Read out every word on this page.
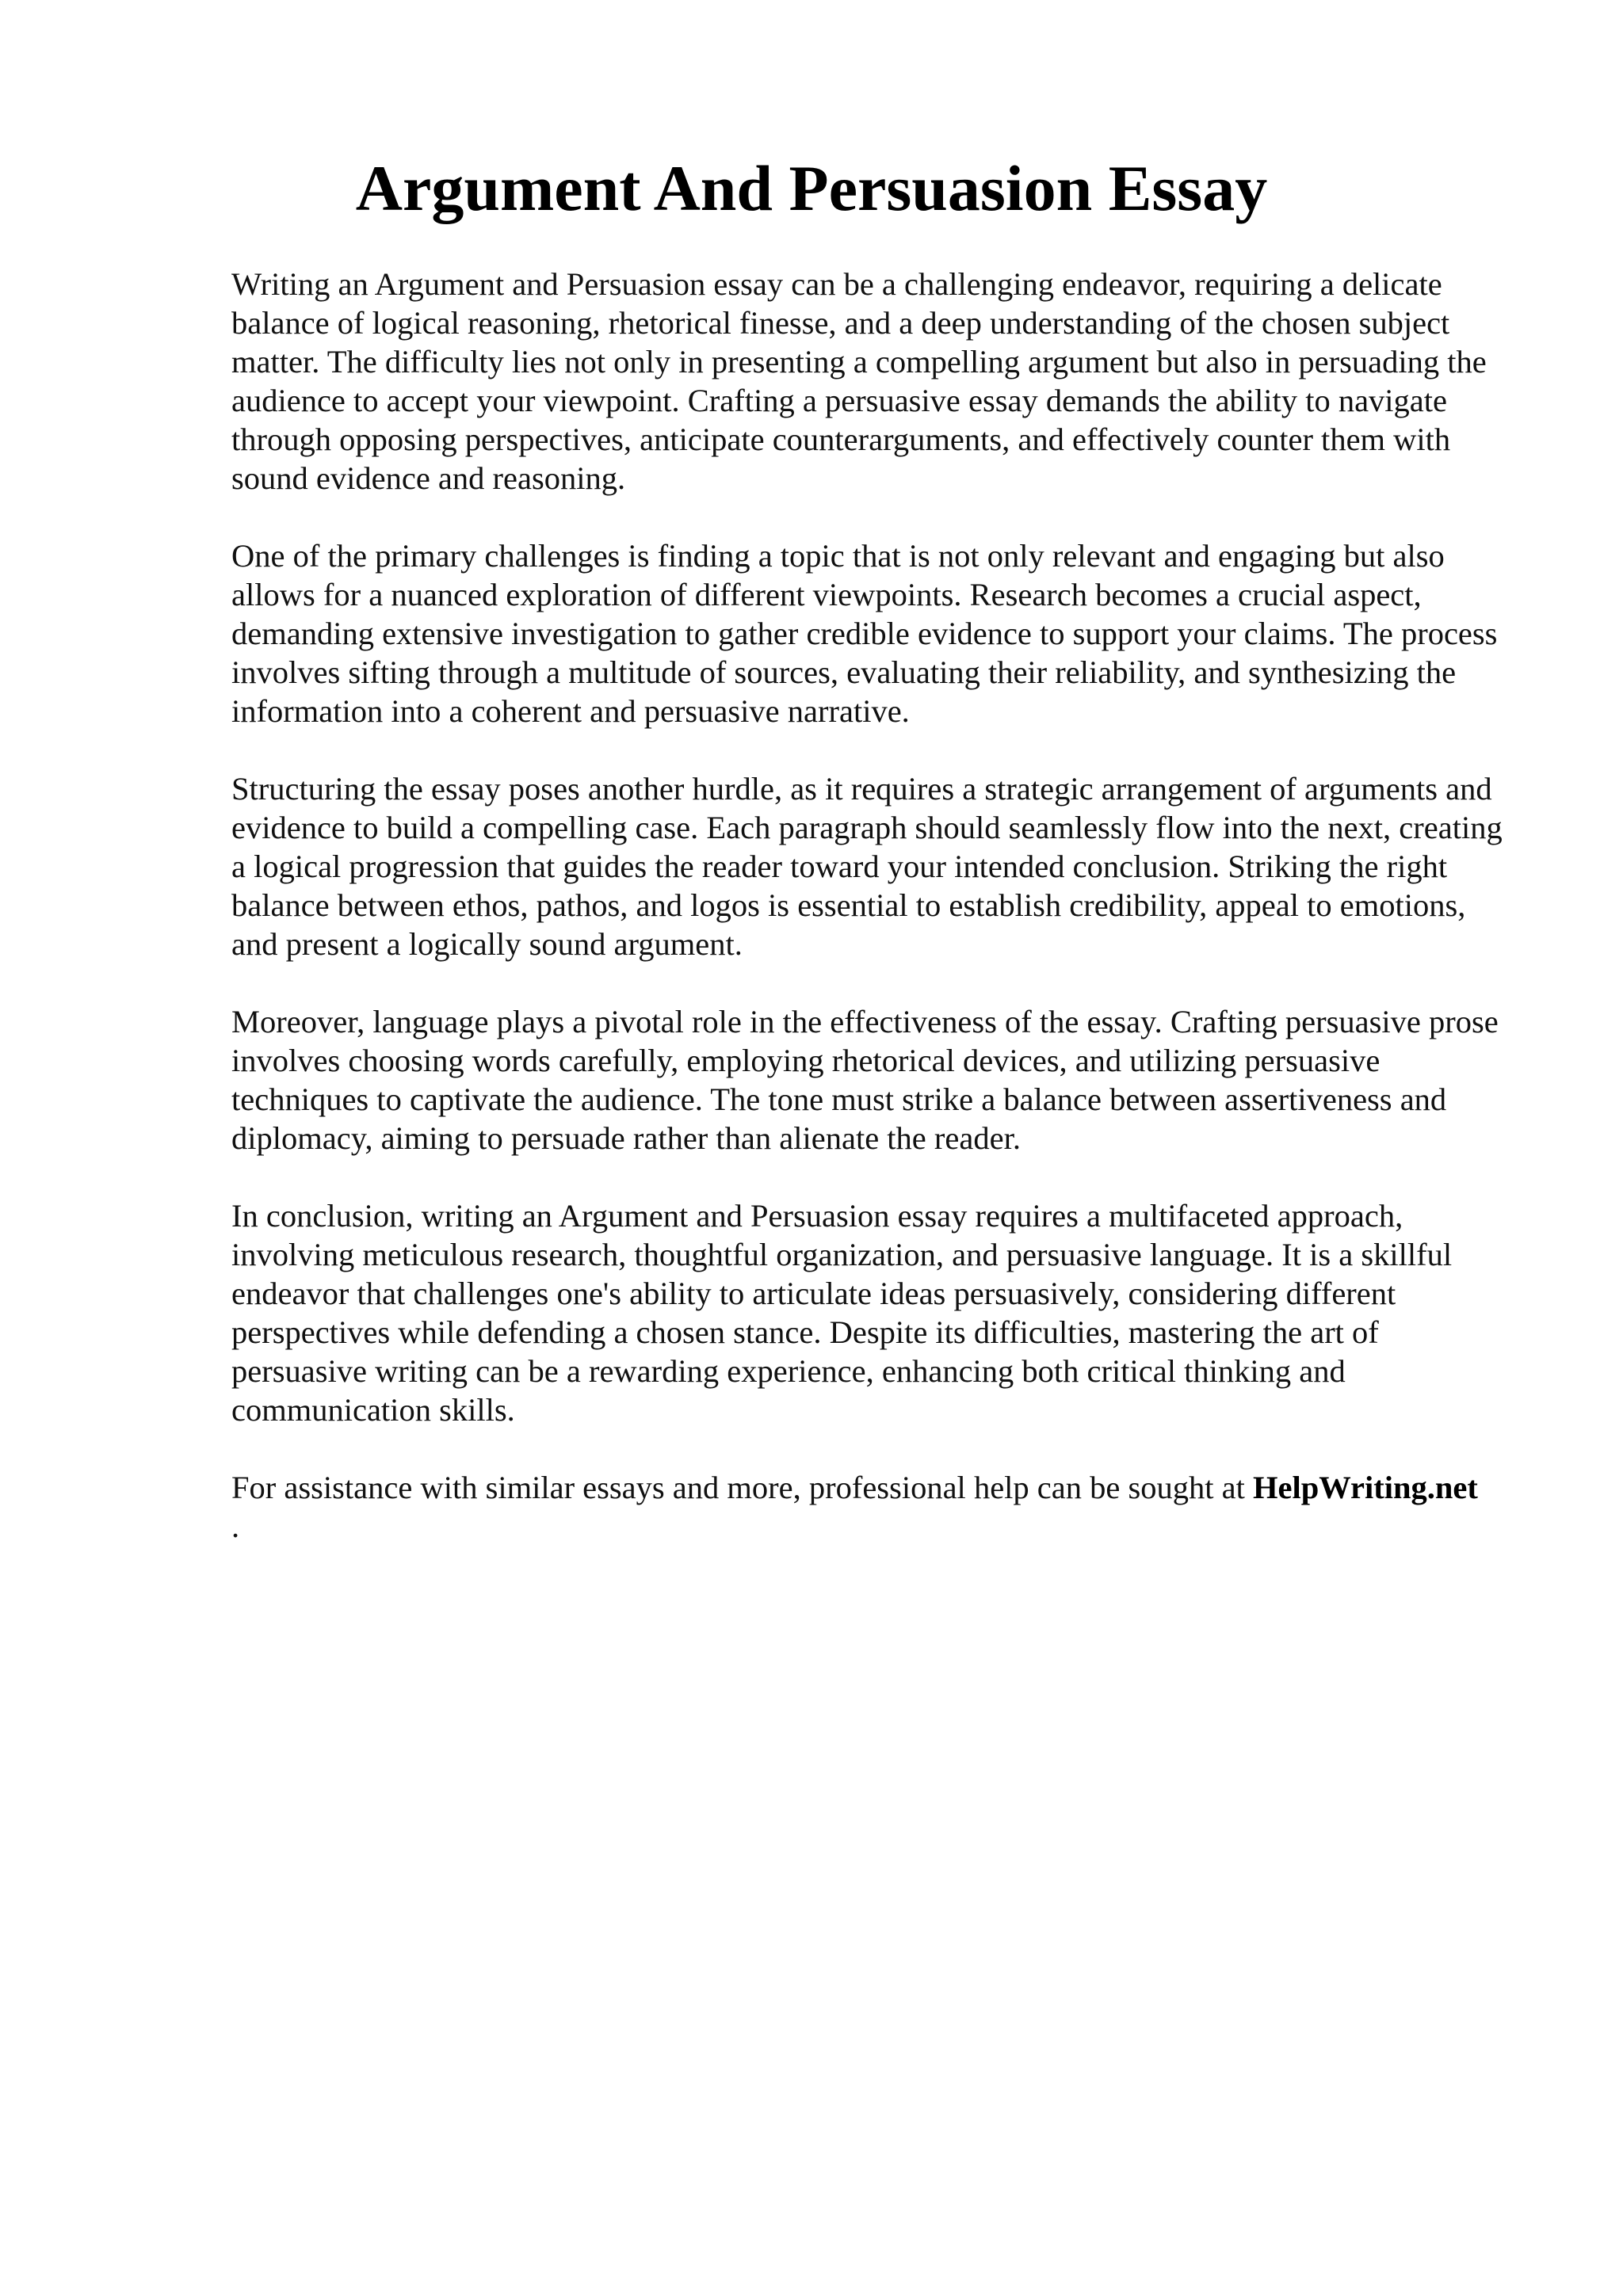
Argument And Persuasion Essay

Writing an Argument and Persuasion essay can be a challenging endeavor, requiring a delicate balance of logical reasoning, rhetorical finesse, and a deep understanding of the chosen subject matter. The difficulty lies not only in presenting a compelling argument but also in persuading the audience to accept your viewpoint. Crafting a persuasive essay demands the ability to navigate through opposing perspectives, anticipate counterarguments, and effectively counter them with sound evidence and reasoning.

One of the primary challenges is finding a topic that is not only relevant and engaging but also allows for a nuanced exploration of different viewpoints. Research becomes a crucial aspect, demanding extensive investigation to gather credible evidence to support your claims. The process involves sifting through a multitude of sources, evaluating their reliability, and synthesizing the information into a coherent and persuasive narrative.

Structuring the essay poses another hurdle, as it requires a strategic arrangement of arguments and evidence to build a compelling case. Each paragraph should seamlessly flow into the next, creating a logical progression that guides the reader toward your intended conclusion. Striking the right balance between ethos, pathos, and logos is essential to establish credibility, appeal to emotions, and present a logically sound argument.

Moreover, language plays a pivotal role in the effectiveness of the essay. Crafting persuasive prose involves choosing words carefully, employing rhetorical devices, and utilizing persuasive techniques to captivate the audience. The tone must strike a balance between assertiveness and diplomacy, aiming to persuade rather than alienate the reader.

In conclusion, writing an Argument and Persuasion essay requires a multifaceted approach, involving meticulous research, thoughtful organization, and persuasive language. It is a skillful endeavor that challenges one's ability to articulate ideas persuasively, considering different perspectives while defending a chosen stance. Despite its difficulties, mastering the art of persuasive writing can be a rewarding experience, enhancing both critical thinking and communication skills.

For assistance with similar essays and more, professional help can be sought at HelpWriting.net
.
